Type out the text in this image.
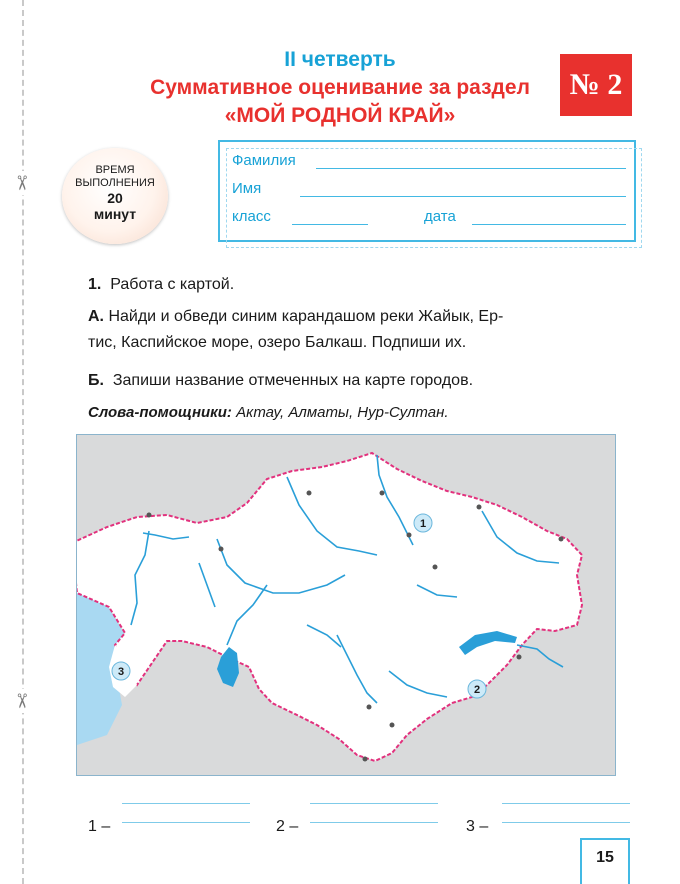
✂
✂
II четверть
Суммативное оценивание за раздел
«МОЙ РОДНОЙ КРАЙ»
№ 2
ВРЕМЯ
ВЫПОЛНЕНИЯ
20
минут
Фамилия
Имя
класс	дата
1. Работа с картой.
А. Найди и обведи синим карандашом реки Жайык, Ер-
тис, Каспийское море, озеро Балкаш. Подпиши их.
Б. Запиши название отмеченных на карте городов.
Слова-помощники: Актау, Алматы, Нур-Султан.
1
2
3
1 –	2 –	3 –
15
